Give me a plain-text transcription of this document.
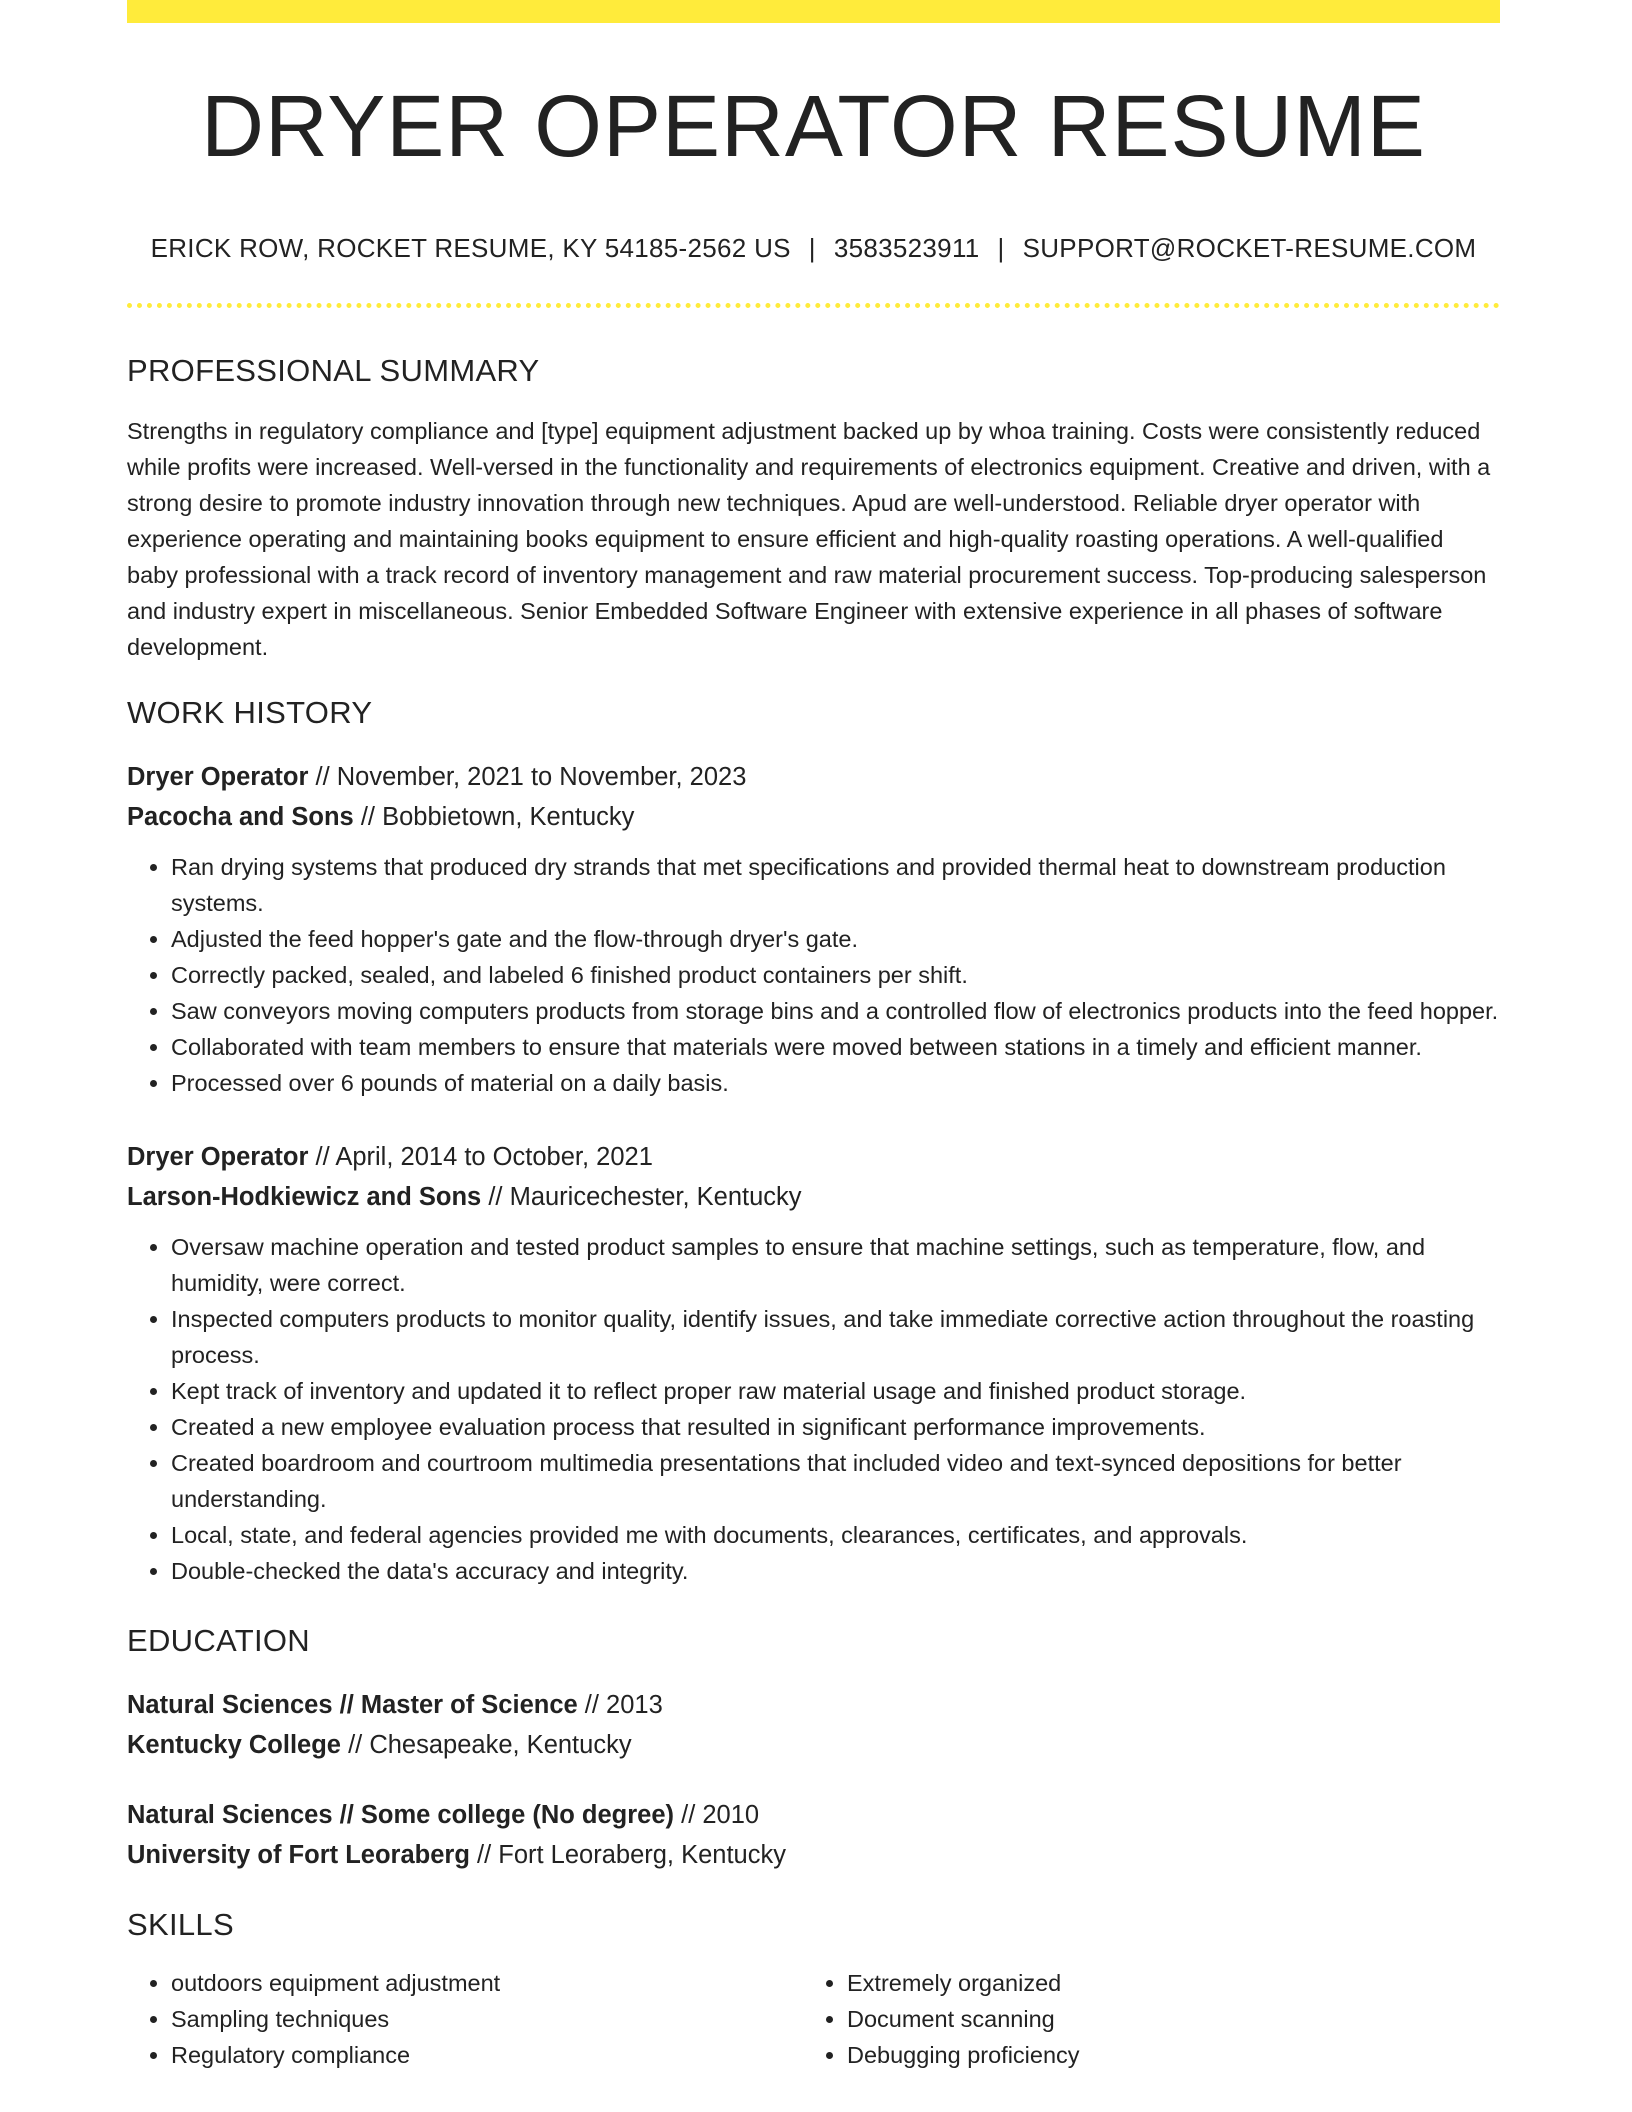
DRYER OPERATOR RESUME
ERICK ROW, ROCKET RESUME, KY 54185-2562 US | 3583523911 | SUPPORT@ROCKET-RESUME.COM
PROFESSIONAL SUMMARY

Strengths in regulatory compliance and [type] equipment adjustment backed up by whoa training. Costs were consistently reduced while profits were increased. Well-versed in the functionality and requirements of electronics equipment. Creative and driven, with a strong desire to promote industry innovation through new techniques. Apud are well-understood. Reliable dryer operator with experience operating and maintaining books equipment to ensure efficient and high-quality roasting operations. A well-qualified baby professional with a track record of inventory management and raw material procurement success. Top-producing salesperson and industry expert in miscellaneous. Senior Embedded Software Engineer with extensive experience in all phases of software development.

WORK HISTORY
Dryer Operator // November, 2021 to November, 2023
Pacocha and Sons // Bobbietown, Kentucky
• Ran drying systems that produced dry strands that met specifications and provided thermal heat to downstream production systems.
• Adjusted the feed hopper's gate and the flow-through dryer's gate.
• Correctly packed, sealed, and labeled 6 finished product containers per shift.
• Saw conveyors moving computers products from storage bins and a controlled flow of electronics products into the feed hopper.
• Collaborated with team members to ensure that materials were moved between stations in a timely and efficient manner.
• Processed over 6 pounds of material on a daily basis.
Dryer Operator // April, 2014 to October, 2021
Larson-Hodkiewicz and Sons // Mauricechester, Kentucky
• Oversaw machine operation and tested product samples to ensure that machine settings, such as temperature, flow, and humidity, were correct.
• Inspected computers products to monitor quality, identify issues, and take immediate corrective action throughout the roasting process.
• Kept track of inventory and updated it to reflect proper raw material usage and finished product storage.
• Created a new employee evaluation process that resulted in significant performance improvements.
• Created boardroom and courtroom multimedia presentations that included video and text-synced depositions for better understanding.
• Local, state, and federal agencies provided me with documents, clearances, certificates, and approvals.
• Double-checked the data's accuracy and integrity.
EDUCATION
Natural Sciences // Master of Science // 2013
Kentucky College // Chesapeake, Kentucky
Natural Sciences // Some college (No degree) // 2010
University of Fort Leoraberg // Fort Leoraberg, Kentucky
SKILLS
• outdoors equipment adjustment
• Sampling techniques
• Regulatory compliance
• Extremely organized
• Document scanning
• Debugging proficiency
